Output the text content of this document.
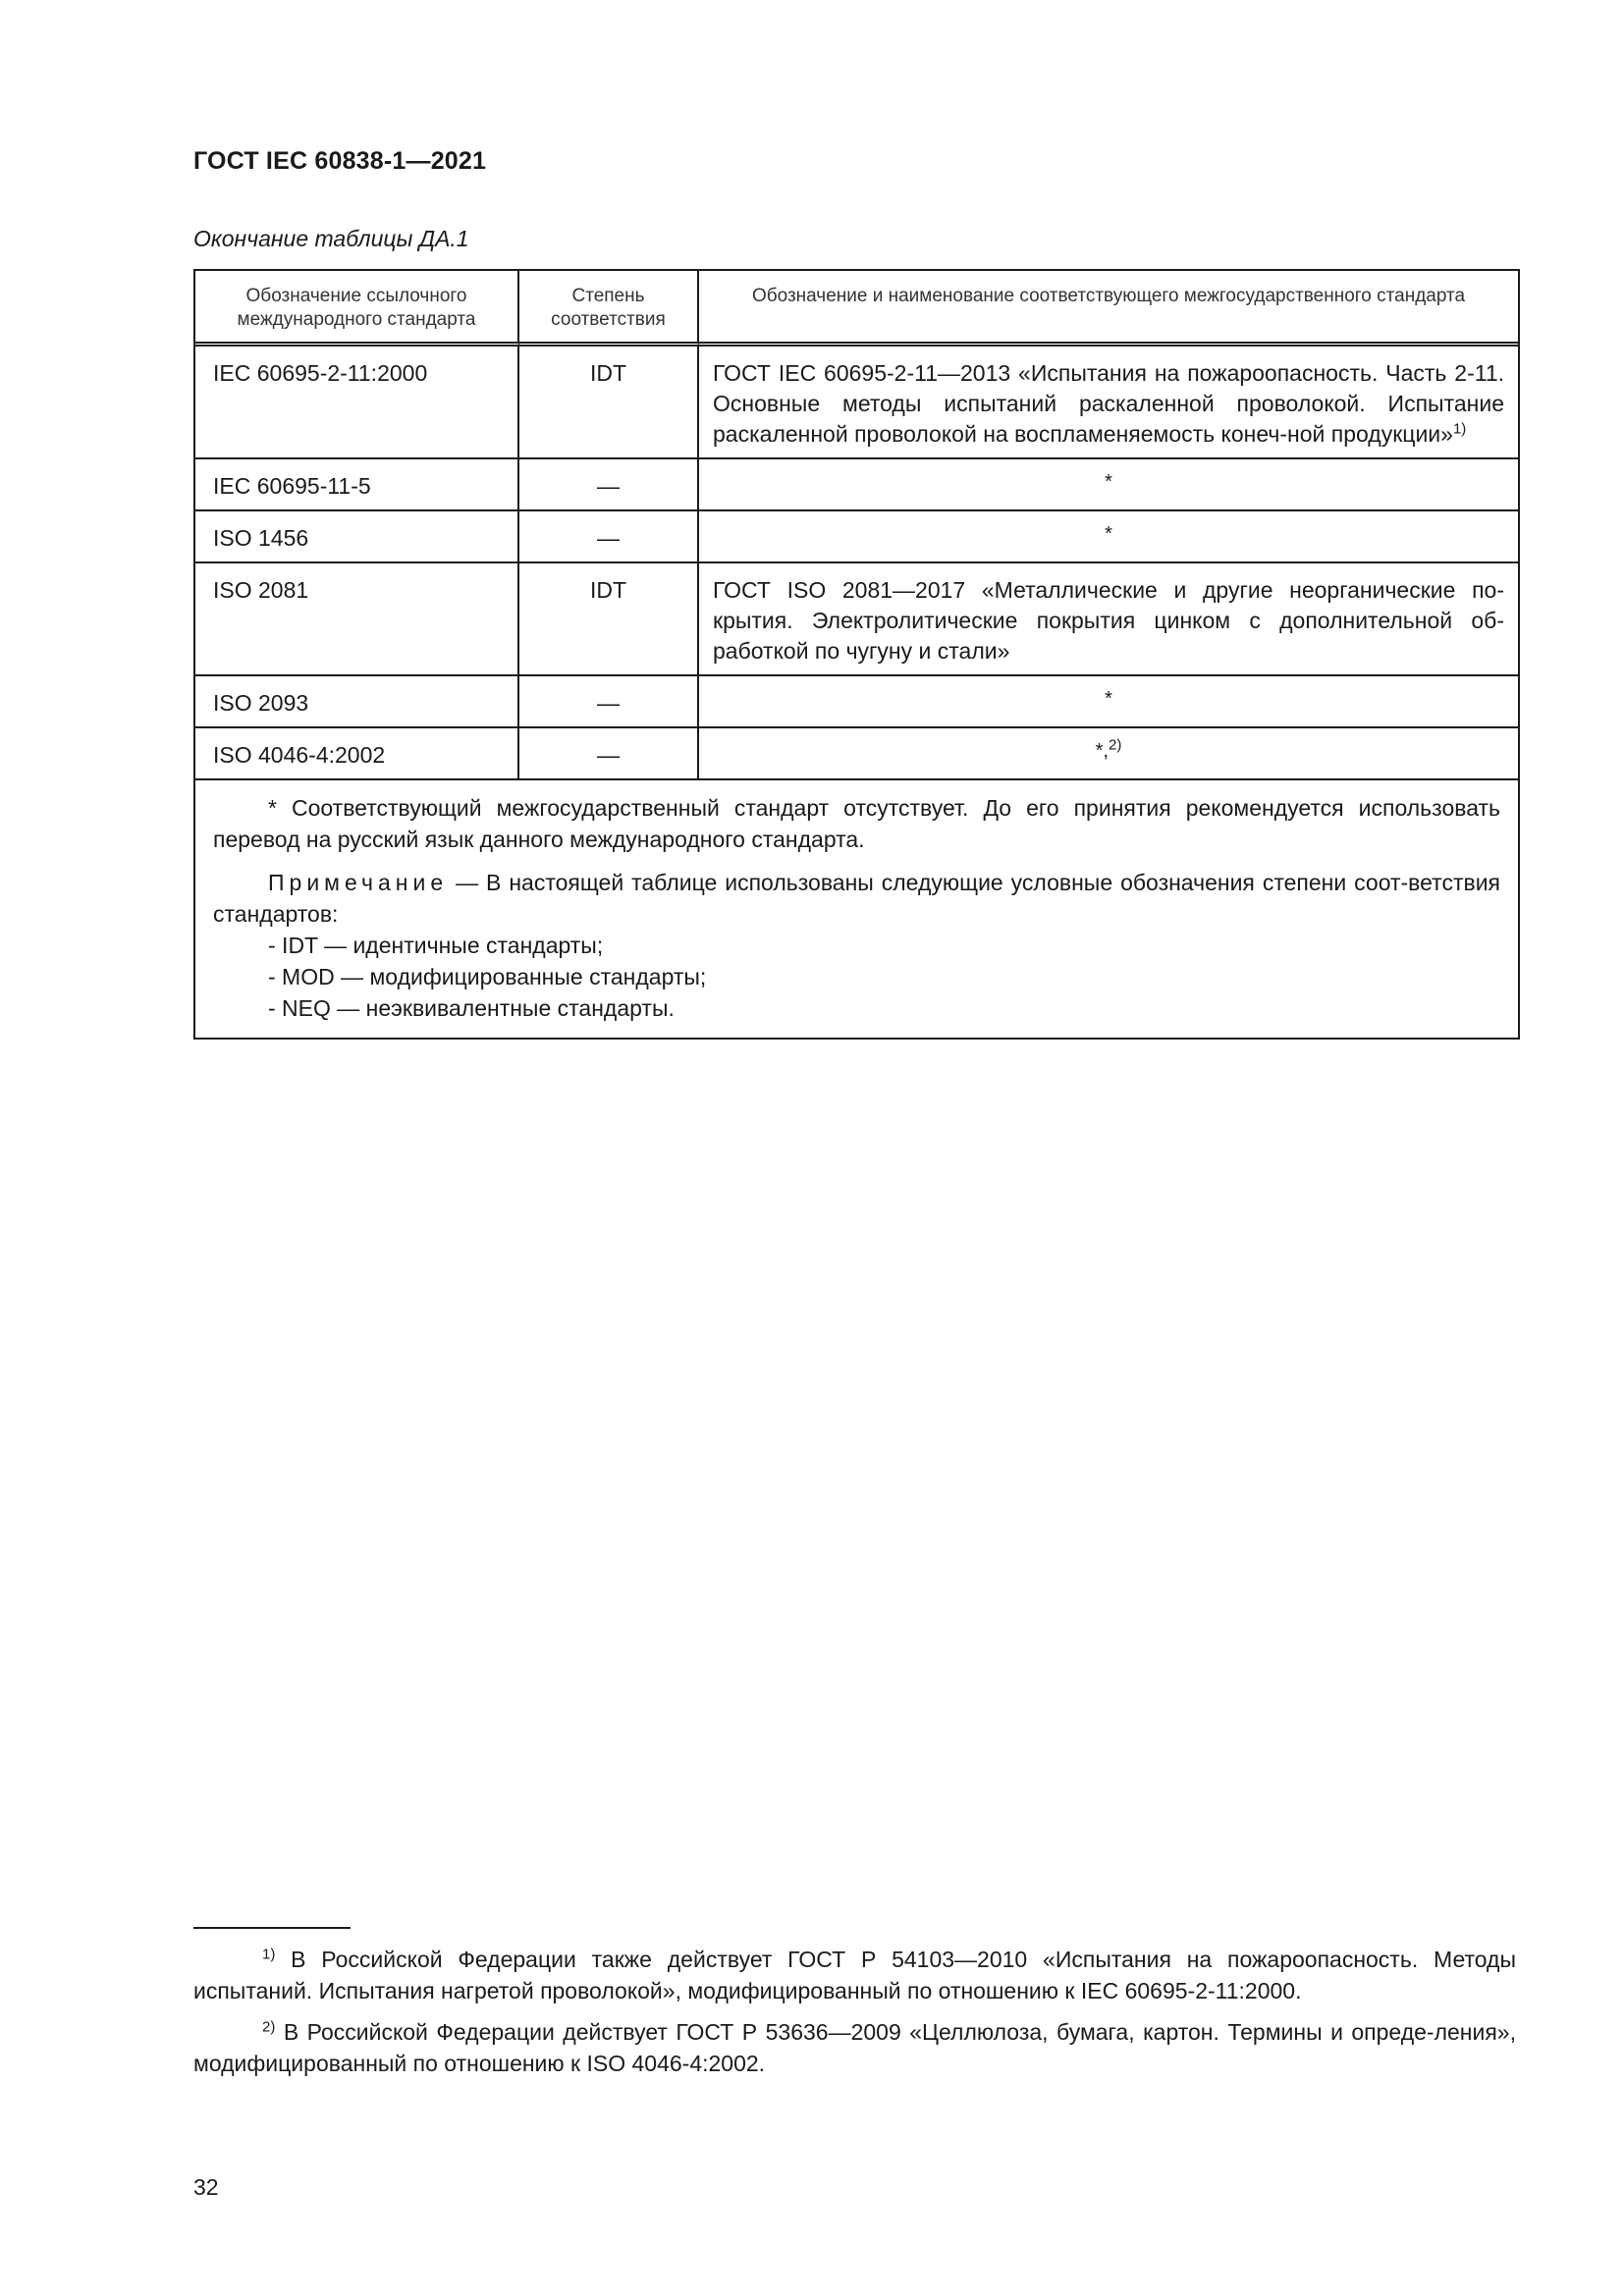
ГОСТ IEC 60838-1—2021
Окончание таблицы ДА.1
Обозначение ссылочного международного стандарта	Степень соответствия	Обозначение и наименование соответствующего межгосударственного стандарта
IEC 60695-2-11:2000	IDT	ГОСТ IEC 60695-2-11—2013 «Испытания на пожароопасность. Часть 2-11. Основные методы испытаний раскаленной проволокой. Испытание раскаленной проволокой на воспламеняемость конеч-ной продукции»$^{1)}$
IEC 60695-11-5	—	*
ISO 1456	—	*
ISO 2081	IDT	ГОСТ ISO 2081—2017 «Металлические и другие неорганические по-крытия. Электролитические покрытия цинком с дополнительной об-работкой по чугуну и стали»
ISO 2093	—	*
ISO 4046-4:2002	—	*,$^{2)}$

* Соответствующий межгосударственный стандарт отсутствует. До его принятия рекомендуется использовать перевод на русский язык данного международного стандарта.

Примечание — В настоящей таблице использованы следующие условные обозначения степени соот-ветствия стандартов:

- IDT — идентичные стандарты;

- MOD — модифицированные стандарты;

- NEQ — неэквивалентные стандарты.		

$^{1)}$ В Российской Федерации также действует ГОСТ Р 54103—2010 «Испытания на пожароопасность. Методы испытаний. Испытания нагретой проволокой», модифицированный по отношению к IEC 60695-2-11:2000.

$^{2)}$ В Российской Федерации действует ГОСТ Р 53636—2009 «Целлюлоза, бумага, картон. Термины и опреде-ления», модифицированный по отношению к ISO 4046-4:2002.

32
